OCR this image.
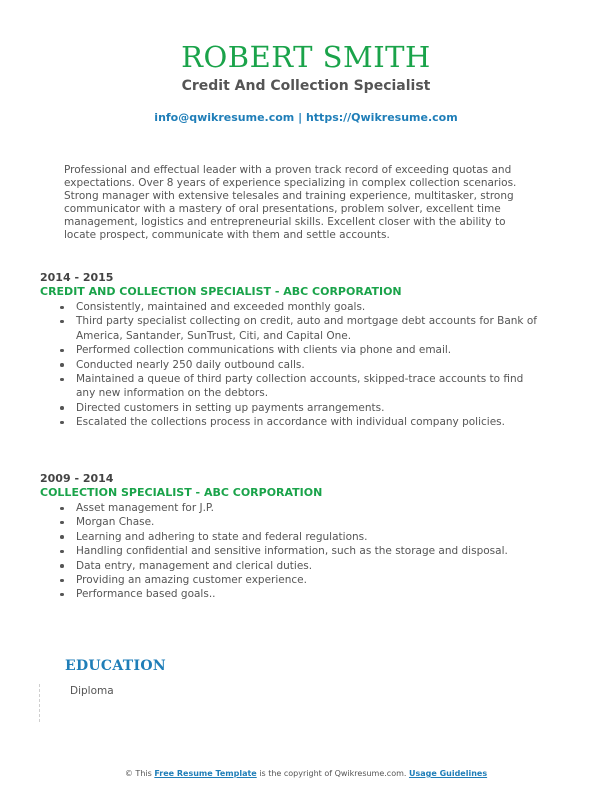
ROBERT SMITH
Credit And Collection Specialist
info@qwikresume.com | https://Qwikresume.com

Professional and effectual leader with a proven track record of exceeding quotas and expectations. Over 8 years of experience specializing in complex collection scenarios. Strong manager with extensive telesales and training experience, multitasker, strong communicator with a mastery of oral presentations, problem solver, excellent time management, logistics and entrepreneurial skills. Excellent closer with the ability to locate prospect, communicate with them and settle accounts.

2014 - 2015
CREDIT AND COLLECTION SPECIALIST - ABC CORPORATION
Consistently, maintained and exceeded monthly goals.
Third party specialist collecting on credit, auto and mortgage debt accounts for Bank of America, Santander, SunTrust, Citi, and Capital One.
Performed collection communications with clients via phone and email.
Conducted nearly 250 daily outbound calls.
Maintained a queue of third party collection accounts, skipped-trace accounts to find any new information on the debtors.
Directed customers in setting up payments arrangements.
Escalated the collections process in accordance with individual company policies.
2009 - 2014
COLLECTION SPECIALIST - ABC CORPORATION
Asset management for J.P.
Morgan Chase.
Learning and adhering to state and federal regulations.
Handling confidential and sensitive information, such as the storage and disposal.
Data entry, management and clerical duties.
Providing an amazing customer experience.
Performance based goals..
EDUCATION
Diploma
© This Free Resume Template is the copyright of Qwikresume.com. Usage Guidelines
